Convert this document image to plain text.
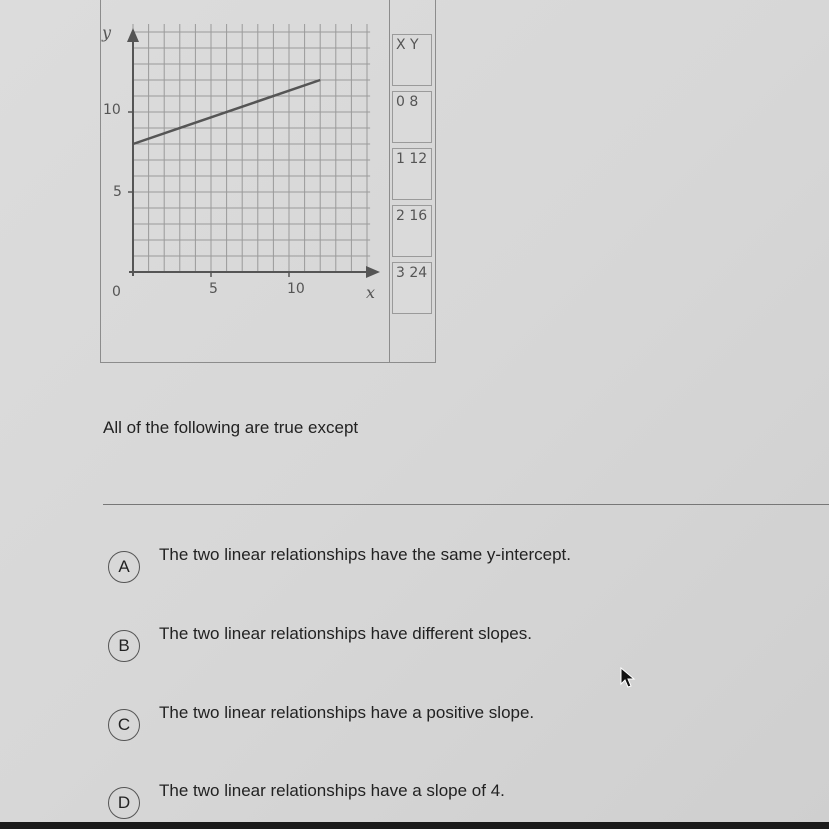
y
x
0
10
5
5	10
X Y
0 8
1 12
2 16
3 24
All of the following are true except
A
The two linear relationships have the same y-intercept.
B
The two linear relationships have different slopes.
C
The two linear relationships have a positive slope.
D
The two linear relationships have a slope of 4.
